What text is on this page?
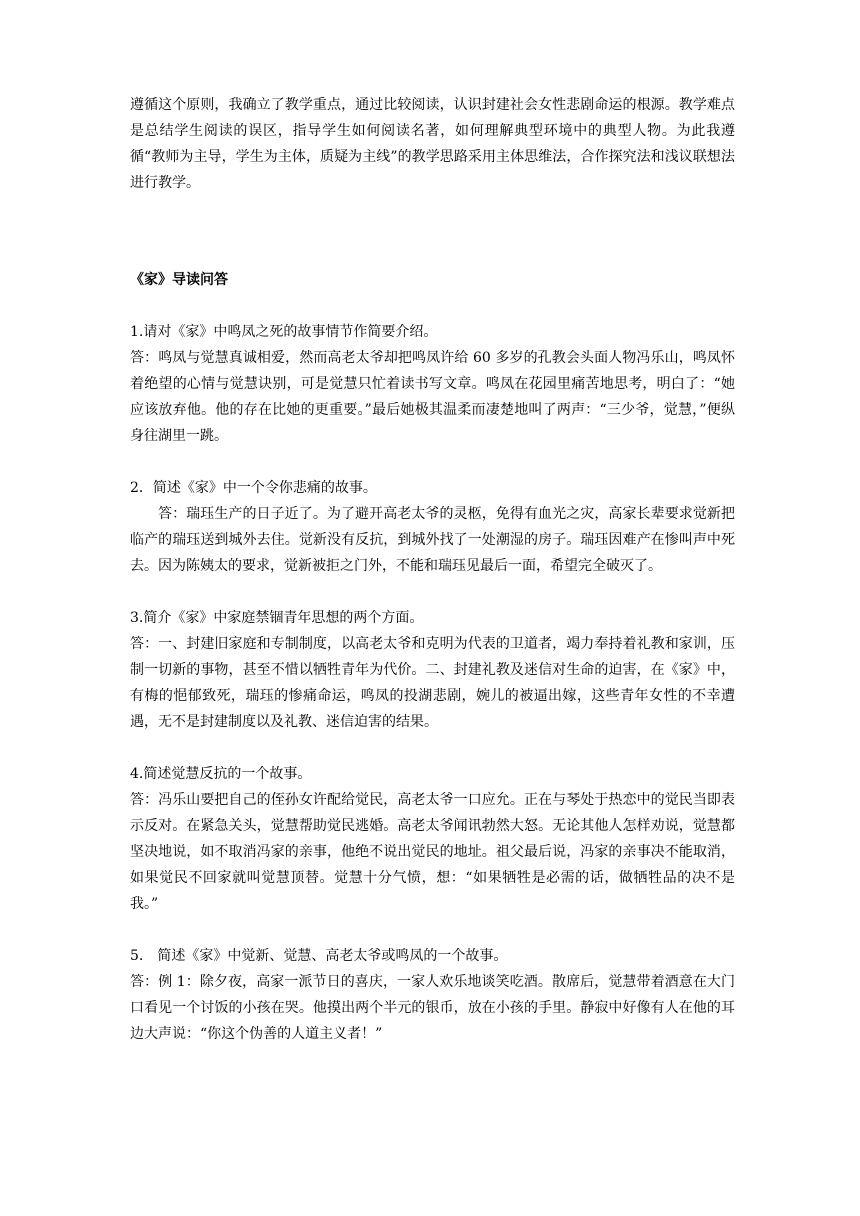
遵循这个原则，我确立了教学重点，通过比较阅读，认识封建社会女性悲剧命运的根源。教学难点是总结学生阅读的误区，指导学生如何阅读名著，如何理解典型环境中的典型人物。为此我遵循“教师为主导，学生为主体，质疑为主线”的教学思路采用主体思维法，合作探究法和浅议联想法进行教学。

《家》导读问答

1.请对《家》中鸣凤之死的故事情节作简要介绍。

答：鸣凤与觉慧真诚相爱，然而高老太爷却把鸣凤许给 60 多岁的孔教会头面人物冯乐山，鸣凤怀着绝望的心情与觉慧诀别，可是觉慧只忙着读书写文章。鸣凤在花园里痛苦地思考，明白了：“她应该放弃他。他的存在比她的更重要。”最后她极其温柔而凄楚地叫了两声：“三少爷，觉慧，”便纵身往湖里一跳。

2．简述《家》中一个令你悲痛的故事。

答：瑞珏生产的日子近了。为了避开高老太爷的灵柩，免得有血光之灾，高家长辈要求觉新把临产的瑞珏送到城外去住。觉新没有反抗，到城外找了一处潮湿的房子。瑞珏因难产在惨叫声中死去。因为陈姨太的要求，觉新被拒之门外，不能和瑞珏见最后一面，希望完全破灭了。

3.简介《家》中家庭禁锢青年思想的两个方面。

答：一、封建旧家庭和专制制度，以高老太爷和克明为代表的卫道者，竭力奉持着礼教和家训，压制一切新的事物，甚至不惜以牺牲青年为代价。二、封建礼教及迷信对生命的迫害，在《家》中，有梅的悒郁致死，瑞珏的惨痛命运，鸣凤的投湖悲剧，婉儿的被逼出嫁，这些青年女性的不幸遭遇，无不是封建制度以及礼教、迷信迫害的结果。

4.简述觉慧反抗的一个故事。

答：冯乐山要把自己的侄孙女许配给觉民，高老太爷一口应允。正在与琴处于热恋中的觉民当即表示反对。在紧急关头，觉慧帮助觉民逃婚。高老太爷闻讯勃然大怒。无论其他人怎样劝说，觉慧都坚决地说，如不取消冯家的亲事，他绝不说出觉民的地址。祖父最后说，冯家的亲事决不能取消，如果觉民不回家就叫觉慧顶替。觉慧十分气愤，想：“如果牺牲是必需的话，做牺牲品的决不是我。”

5.　简述《家》中觉新、觉慧、高老太爷或鸣凤的一个故事。

答：例 1：除夕夜，高家一派节日的喜庆，一家人欢乐地谈笑吃酒。散席后，觉慧带着酒意在大门口看见一个讨饭的小孩在哭。他摸出两个半元的银币，放在小孩的手里。静寂中好像有人在他的耳边大声说：“你这个伪善的人道主义者！”
